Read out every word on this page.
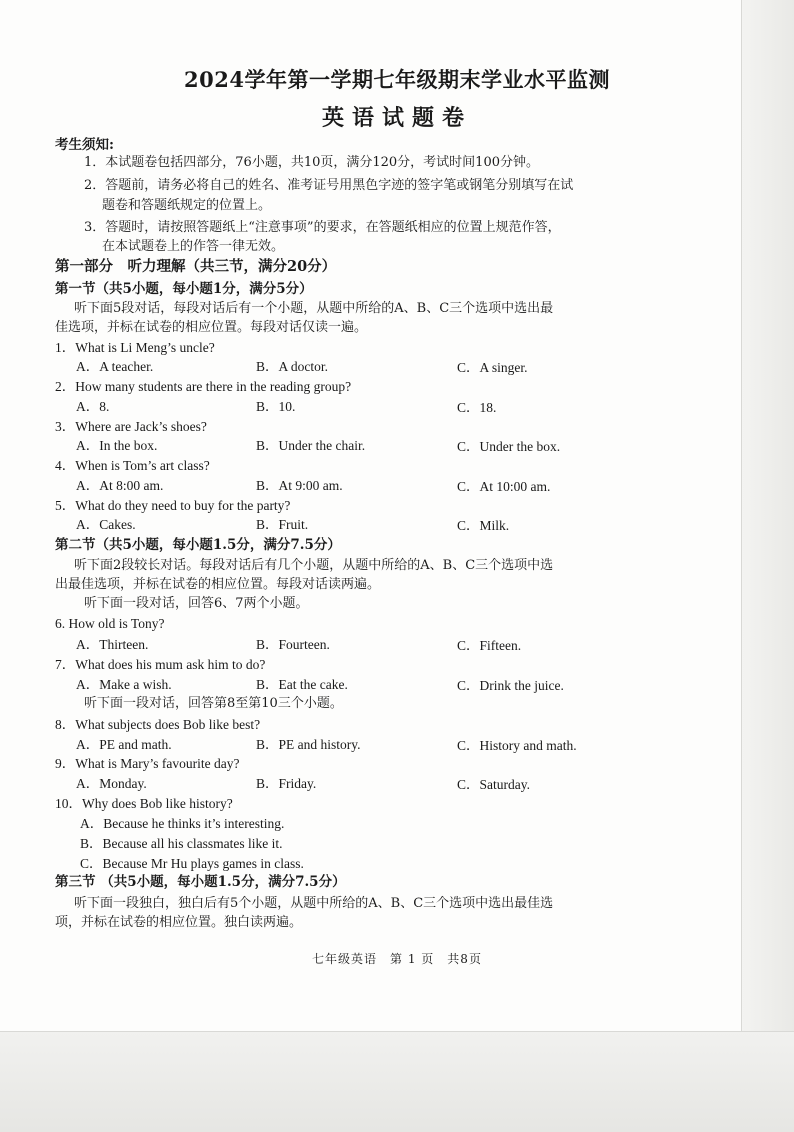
2024学年第一学期七年级期末学业水平监测
英语试题卷
考生须知:
1．本试题卷包括四部分，76小题，共10页，满分120分，考试时间100分钟。
2．答题前，请务必将自己的姓名、准考证号用黑色字迹的签字笔或钢笔分别填写在试
题卷和答题纸规定的位置上。
3．答题时，请按照答题纸上“注意事项”的要求，在答题纸相应的位置上规范作答，
在本试题卷上的作答一律无效。
第一部分　听力理解（共三节，满分20分）
第一节（共5小题，每小题1分，满分5分）
听下面5段对话，每段对话后有一个小题，从题中所给的A、B、C三个选项中选出最
佳选项，并标在试卷的相应位置。每段对话仅读一遍。
1．What is Li Meng’s uncle?
A．A teacher.	B．A doctor.	C．A singer.
2．How many students are there in the reading group?
A．8.	B．10.	C．18.
3．Where are Jack’s shoes?
A．In the box.	B．Under the chair.	C．Under the box.
4．When is Tom’s art class?
A．At 8:00 am.	B．At 9:00 am.	C．At 10:00 am.
5．What do they need to buy for the party?
A．Cakes.	B．Fruit.	C．Milk.
第二节（共5小题，每小题1.5分，满分7.5分）
听下面2段较长对话。每段对话后有几个小题，从题中所给的A、B、C三个选项中选
出最佳选项，并标在试卷的相应位置。每段对话读两遍。
听下面一段对话，回答6、7两个小题。
6. How old is Tony?
A．Thirteen.	B．Fourteen.	C．Fifteen.
7．What does his mum ask him to do?
A．Make a wish.	B．Eat the cake.	C．Drink the juice.
听下面一段对话，回答第8至第10三个小题。
8．What subjects does Bob like best?
A．PE and math.	B．PE and history.	C．History and math.
9．What is Mary’s favourite day?
A．Monday.	B．Friday.	C．Saturday.
10．Why does Bob like history?
A．Because he thinks it’s interesting.
B．Because all his classmates like it.
C．Because Mr Hu plays games in class.
第三节 （共5小题，每小题1.5分，满分7.5分）
听下面一段独白，独白后有5个小题，从题中所给的A、B、C三个选项中选出最佳选
项，并标在试卷的相应位置。独白读两遍。
七年级英语　第 1 页　共8页
